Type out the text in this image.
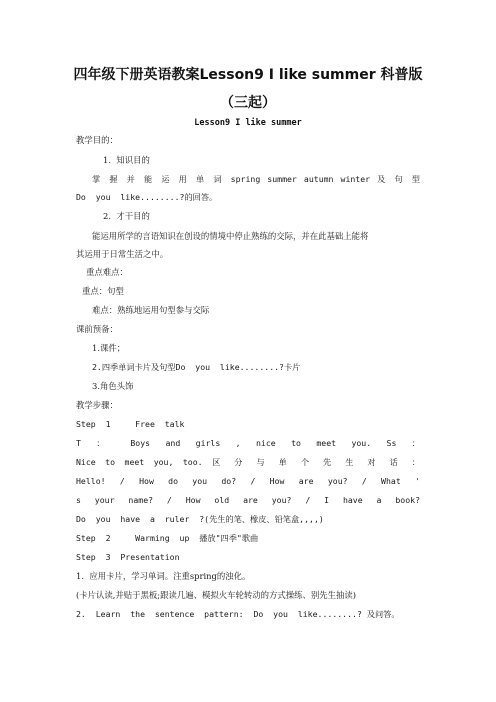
四年级下册英语教案Lesson9 I like summer 科普版
（三起）
Lesson9 I like summer
教学目的：
1.  知识目的
掌 握 并 能 运 用 单 词 spring summer autumn winter 及 句 型
Do  you  like........?的回答。
2.  才干目的
能运用所学的言语知识在创设的情境中停止熟练的交际，并在此基础上能将
其运用于日常生活之中。
重点难点：
重点：句型
难点：熟练地运用句型参与交际
课前预备：
1.课件；
2.四季单词卡片及句型Do  you  like........?卡片
3.角色头饰
教学步骤：
Step  1     Free  talk
T ： Boys and girls , nice to meet you. Ss ：
Nice to meet you, too. 区 分 与 单 个 先 生 对 话 ：
Hello! / How do you do? / How are you? / What '
s your name? / How old are you? / I have a book?
Do  you  have  a  ruler  ?(先生的笔、橡皮、铅笔盒,,,,)
Step  2     Warming  up  播放"四季"歌曲
Step  3  Presentation
1.  应用卡片，学习单词。注重spring的浊化。
(卡片认读,并贴于黑板;跟读几遍、模拟火车轮转动的方式操练、别先生抽读)
2.  Learn  the  sentence  pattern:  Do  you  like........? 及问答。
